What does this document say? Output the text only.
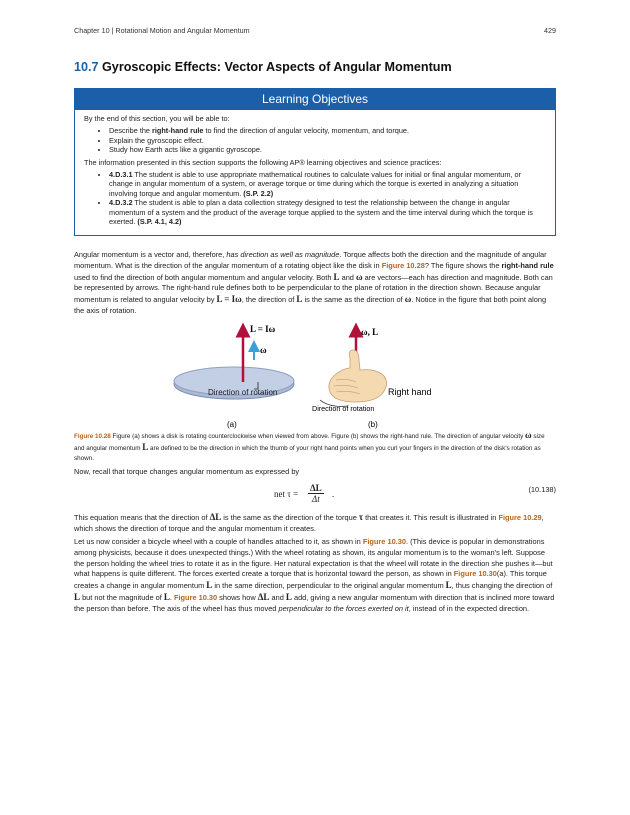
Chapter 10 | Rotational Motion and Angular Momentum	429
10.7 Gyroscopic Effects: Vector Aspects of Angular Momentum
Learning Objectives

By the end of this section, you will be able to:

• Describe the right-hand rule to find the direction of angular velocity, momentum, and torque.
• Explain the gyroscopic effect.
• Study how Earth acts like a gigantic gyroscope.

The information presented in this section supports the following AP® learning objectives and science practices:

• 4.D.3.1 The student is able to use appropriate mathematical routines to calculate values for initial or final angular momentum, or change in angular momentum of a system, or average torque or time during which the torque is exerted in analyzing a situation involving torque and angular momentum. (S.P. 2.2)
• 4.D.3.2 The student is able to plan a data collection strategy designed to test the relationship between the change in angular momentum of a system and the product of the average torque applied to the system and the time interval during which the torque is exerted. (S.P. 4.1, 4.2)

Angular momentum is a vector and, therefore, has direction as well as magnitude. Torque affects both the direction and the magnitude of angular momentum. What is the direction of the angular momentum of a rotating object like the disk in Figure 10.28? The figure shows the right-hand rule used to find the direction of both angular momentum and angular velocity. Both L and ω are vectors—each has direction and magnitude. Both can be represented by arrows. The right-hand rule defines both to be perpendicular to the plane of rotation in the direction shown. Because angular momentum is related to angular velocity by L = Iω, the direction of L is the same as the direction of ω. Notice in the figure that both point along the axis of rotation.

L = Iω
ω
Direction of rotation
(a)
ω, L
Right hand
Direction of rotation
(b)
Figure 10.28 Figure (a) shows a disk is rotating counterclockwise when viewed from above. Figure (b) shows the right-hand rule. The direction of angular velocity ω size and angular momentum L are defined to be the direction in which the thumb of your right hand points when you curl your fingers in the direction of the disk's rotation as shown.

Now, recall that torque changes angular momentum as expressed by

net τ =
ΔL
Δt	.	(10.138)

This equation means that the direction of ΔL is the same as the direction of the torque τ that creates it. This result is illustrated in Figure 10.29, which shows the direction of torque and the angular momentum it creates.

Let us now consider a bicycle wheel with a couple of handles attached to it, as shown in Figure 10.30. (This device is popular in demonstrations among physicists, because it does unexpected things.) With the wheel rotating as shown, its angular momentum is to the woman's left. Suppose the person holding the wheel tries to rotate it as in the figure. Her natural expectation is that the wheel will rotate in the direction she pushes it—but what happens is quite different. The forces exerted create a torque that is horizontal toward the person, as shown in Figure 10.30(a). This torque creates a change in angular momentum L in the same direction, perpendicular to the original angular momentum L, thus changing the direction of L but not the magnitude of L. Figure 10.30 shows how ΔL and L add, giving a new angular momentum with direction that is inclined more toward the person than before. The axis of the wheel has thus moved perpendicular to the forces exerted on it, instead of in the expected direction.
